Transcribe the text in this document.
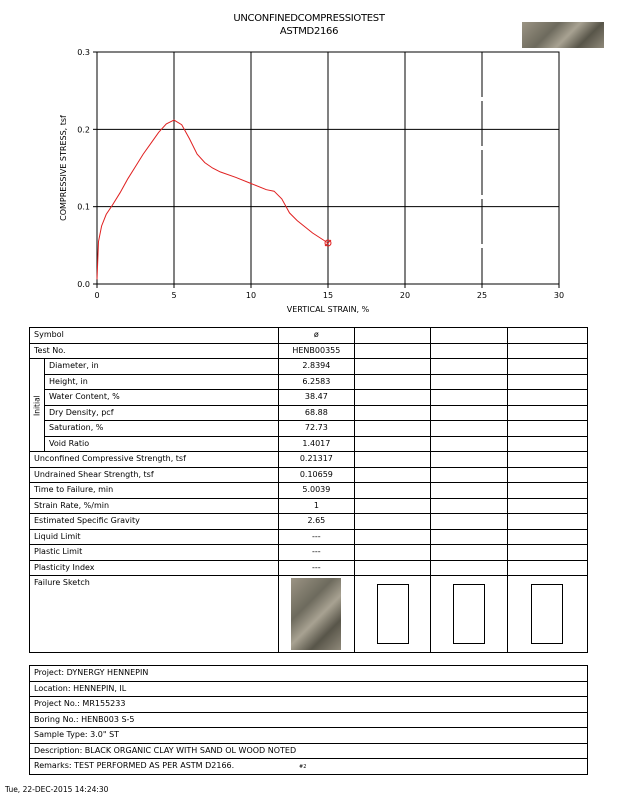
UNCONFINEDCOMPRESSIOTEST
ASTMD2166
0	5	10	15	20	25	30
0.0
0.1
0.2
0.3
VERTICAL STRAIN, %
COMPRESSIVE STRESS, tsf
Symbol		ø			
Test No.		HENB00355			
Initial	Diameter, in	2.8394			
	Height, in	6.2583			
	Water Content, %	38.47			
	Dry Density, pcf	68.88			
	Saturation, %	72.73			
	Void Ratio	1.4017			
Unconfined Compressive Strength, tsf		0.21317			
Undrained Shear Strength, tsf		0.10659			
Time to Failure, min		5.0039			
Strain Rate, %/min		1			
Estimated Specific Gravity		2.65			
Liquid Limit		---			
Plastic Limit		---			
Plasticity Index		---			
Failure Sketch		

Project: DYNERGY HENNEPIN
Location: HENNEPIN, IL
Project No.: MR155233
Boring No.: HENB003 S-5
Sample Type: 3.0" ST
Description: BLACK ORGANIC CLAY WITH SAND OL WOOD NOTED
Remarks: TEST PERFORMED AS PER ASTM D2166.	#2
Tue, 22-DEC-2015 14:24:30
